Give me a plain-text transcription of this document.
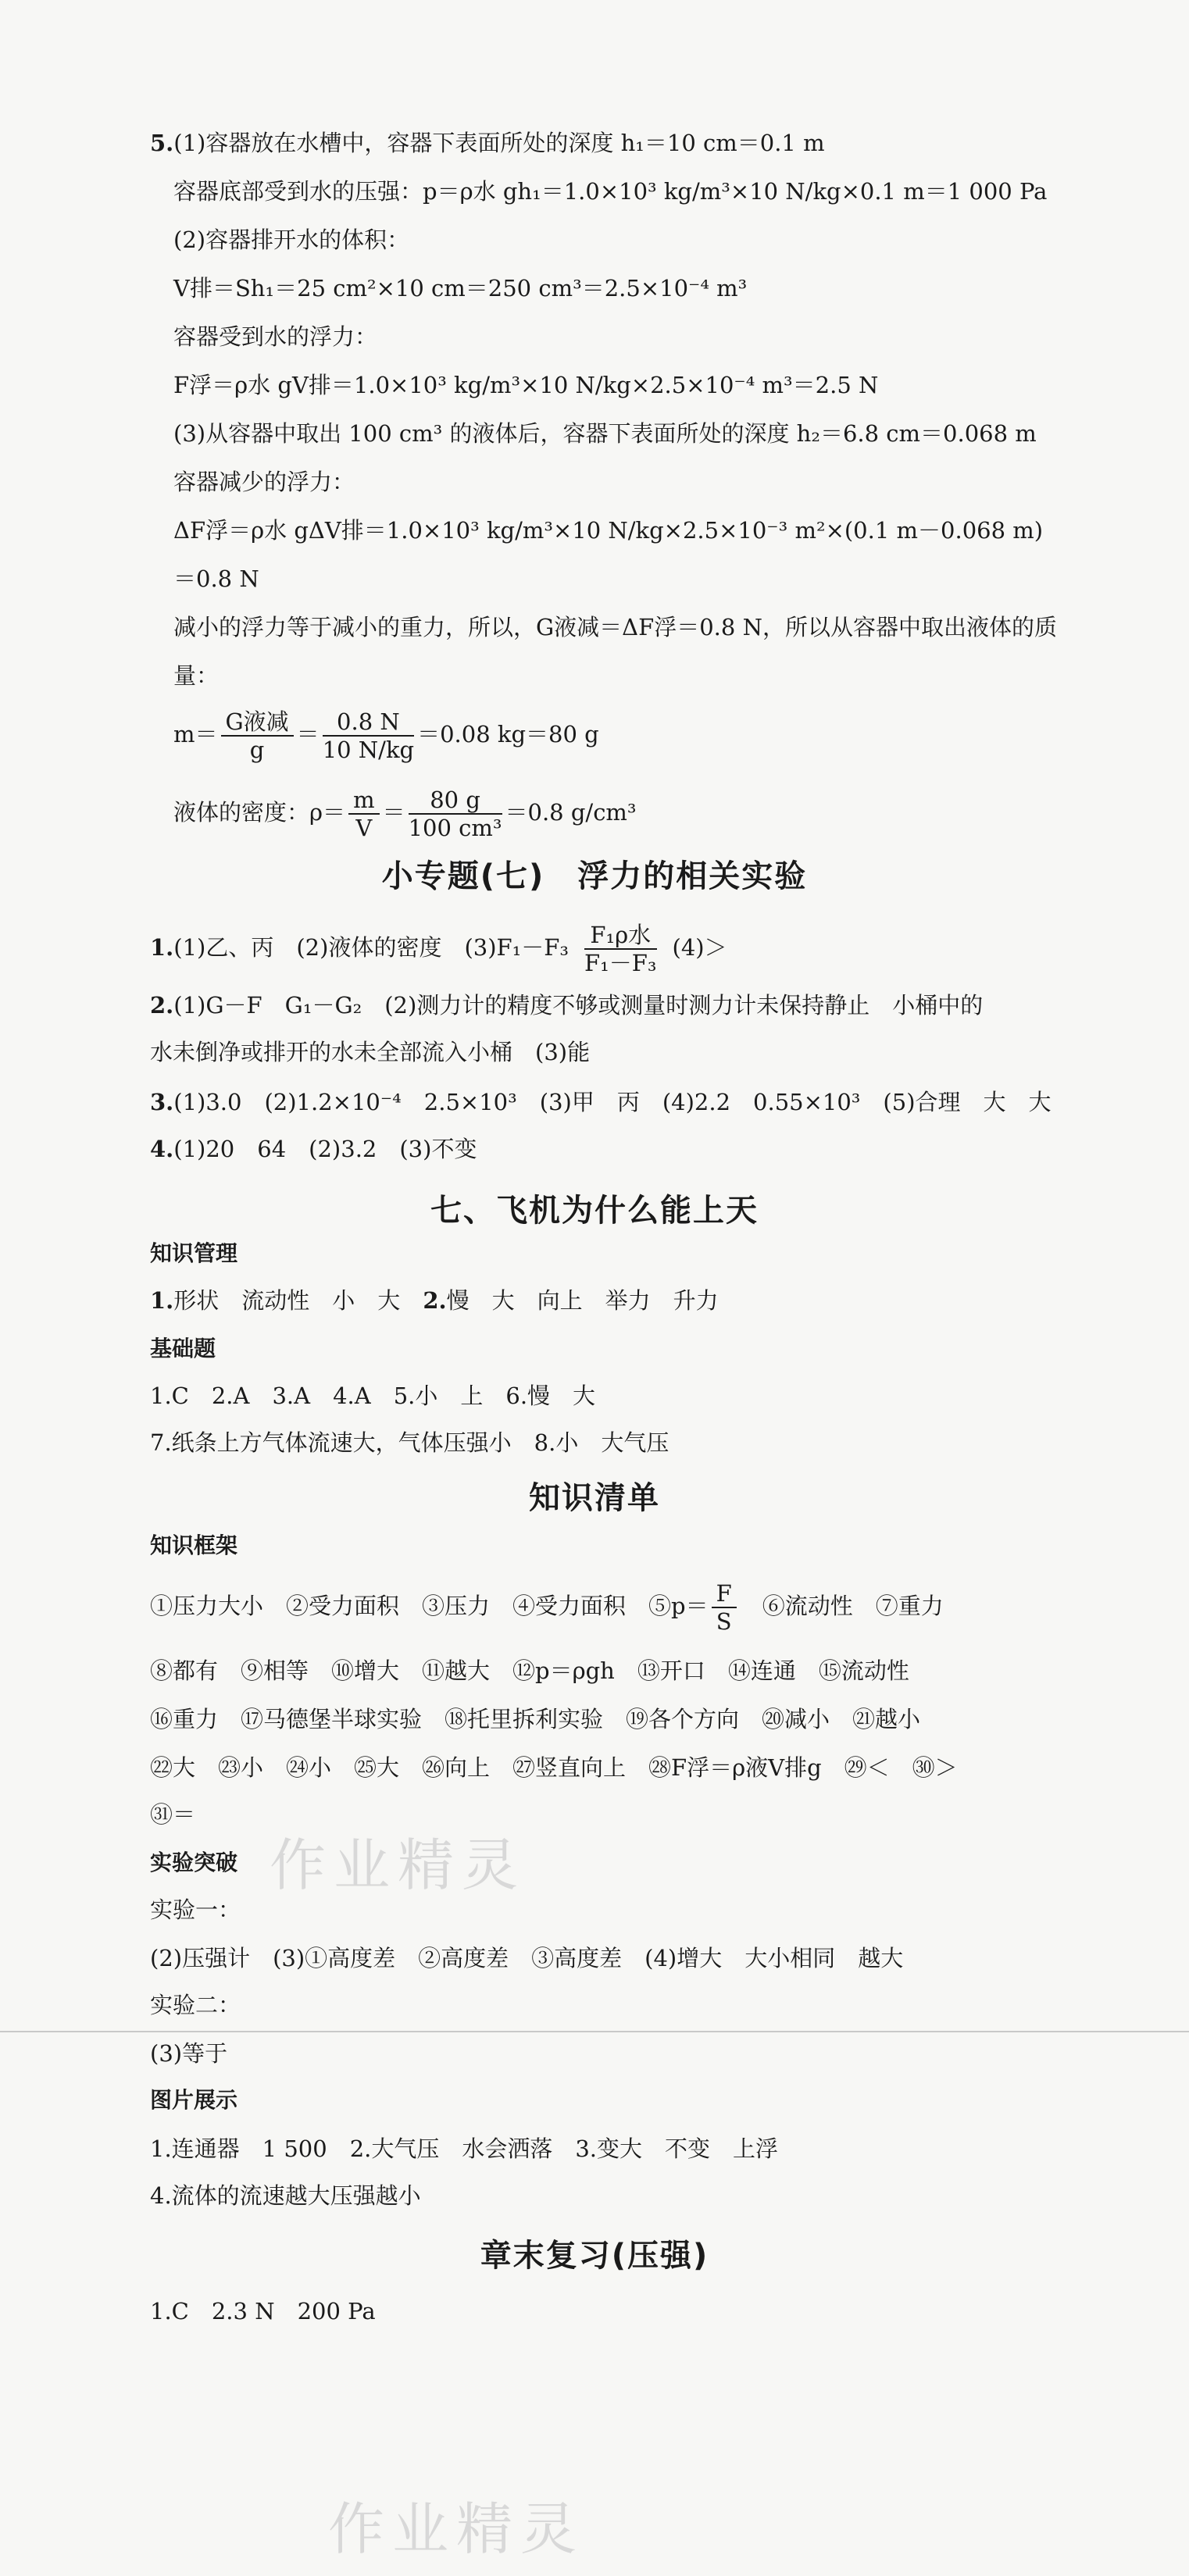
5.(1)容器放在水槽中，容器下表面所处的深度 h₁＝10 cm＝0.1 m
容器底部受到水的压强：p＝ρ水 gh₁＝1.0×10³ kg/m³×10 N/kg×0.1 m＝1 000 Pa
(2)容器排开水的体积：
V排＝Sh₁＝25 cm²×10 cm＝250 cm³＝2.5×10⁻⁴ m³
容器受到水的浮力：
F浮＝ρ水 gV排＝1.0×10³ kg/m³×10 N/kg×2.5×10⁻⁴ m³＝2.5 N
(3)从容器中取出 100 cm³ 的液体后，容器下表面所处的深度 h₂＝6.8 cm＝0.068 m
容器减少的浮力：
ΔF浮＝ρ水 gΔV排＝1.0×10³ kg/m³×10 N/kg×2.5×10⁻³ m²×(0.1 m－0.068 m)
＝0.8 N
减小的浮力等于减小的重力，所以，G液减＝ΔF浮＝0.8 N，所以从容器中取出液体的质
量：
$m= \frac{\text{G液减}}{g} = \frac{0.8 N}{10 N/kg} =0.08$ kg＝80 g
液体的密度：$\rho= \frac{m}{V} = \frac{80 g}{\text{100 cm³}} =0.8$ g/cm³
小专题(七)　浮力的相关实验
1.(1)乙、丙　(2)液体的密度　$(3)F_1-F_3 \frac{\text{F₁ρ水}}{\text{F₁－F₃}} (4)>$
2.(1)G－F　G₁－G₂　(2)测力计的精度不够或测量时测力计未保持静止　小桶中的
水未倒净或排开的水未全部流入小桶　(3)能
3.(1)3.0　(2)1.2×10⁻⁴　2.5×10³　(3)甲　丙　(4)2.2　0.55×10³　(5)合理　大　大
4.(1)20　64　(2)3.2　(3)不变
七、飞机为什么能上天
知识管理
1.形状　流动性　小　大　 2.慢　大　向上　举力　升力
基础题
1.C　2.A　3.A　4.A　5.小　上　6.慢　大
7.纸条上方气体流速大，气体压强小　8.小　大气压
知识清单
知识框架
①压力大小　②受力面积　③压力　④受力面积　⑤p＝ $\frac{F}{S}$
　 ⑥流动性　⑦重力
⑧都有　⑨相等　⑩增大　⑪越大　⑫p＝ρgh　⑬开口　⑭连通　⑮流动性
⑯重力　⑰马德堡半球实验　⑱托里拆利实验　⑲各个方向　⑳减小　㉑越小
㉒大　㉓小　㉔小　㉕大　㉖向上　㉗竖直向上　㉘F浮＝ρ液V排g　㉙＜　㉚＞
㉛＝
实验突破
实验一：
(2)压强计　(3)①高度差　②高度差　③高度差　(4)增大　大小相同　越大
实验二：
(3)等于
图片展示
1.连通器　1 500　2.大气压　水会洒落　3.变大　不变　上浮
4.流体的流速越大压强越小
章末复习(压强)
1.C　2.3 N　200 Pa
作业精灵
作业精灵
